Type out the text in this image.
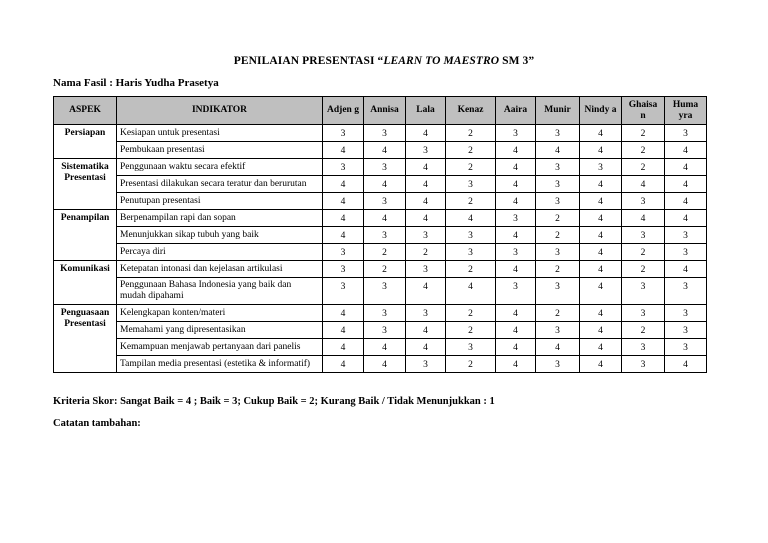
PENILAIAN PRESENTASI “LEARN TO MAESTRO SM 3”
Nama Fasil : Haris Yudha Prasetya
ASPEK	INDIKATOR	Adjen g	Annisa	Lala	Kenaz	Aaira	Munir	Nindy a	Ghaisa n	Huma yra
Persiapan	Kesiapan untuk presentasi	3	3	4	2	3	3	4	2	3
	Pembukaan presentasi	4	4	3	2	4	4	4	2	4
Sistematika Presentasi	Penggunaan waktu secara efektif	3	3	4	2	4	3	3	2	4
	Presentasi dilakukan secara teratur dan berurutan	4	4	4	3	4	3	4	4	4
	Penutupan presentasi	4	3	4	2	4	3	4	3	4
Penampilan	Berpenampilan rapi dan sopan	4	4	4	4	3	2	4	4	4
	Menunjukkan sikap tubuh yang baik	4	3	3	3	4	2	4	3	3
	Percaya diri	3	2	2	3	3	3	4	2	3
Komunikasi	Ketepatan intonasi dan kejelasan artikulasi	3	2	3	2	4	2	4	2	4
	Penggunaan Bahasa Indonesia yang baik dan mudah dipahami	3	3	4	4	3	3	4	3	3
Penguasaan Presentasi	Kelengkapan konten/materi	4	3	3	2	4	2	4	3	3
	Memahami yang dipresentasikan	4	3	4	2	4	3	4	2	3
	Kemampuan menjawab pertanyaan dari panelis	4	4	4	3	4	4	4	3	3
	Tampilan media presentasi (estetika & informatif)	4	4	3	2	4	3	4	3	4
Kriteria Skor: Sangat Baik = 4 ; Baik = 3; Cukup Baik = 2; Kurang Baik / Tidak Menunjukkan : 1
Catatan tambahan:
